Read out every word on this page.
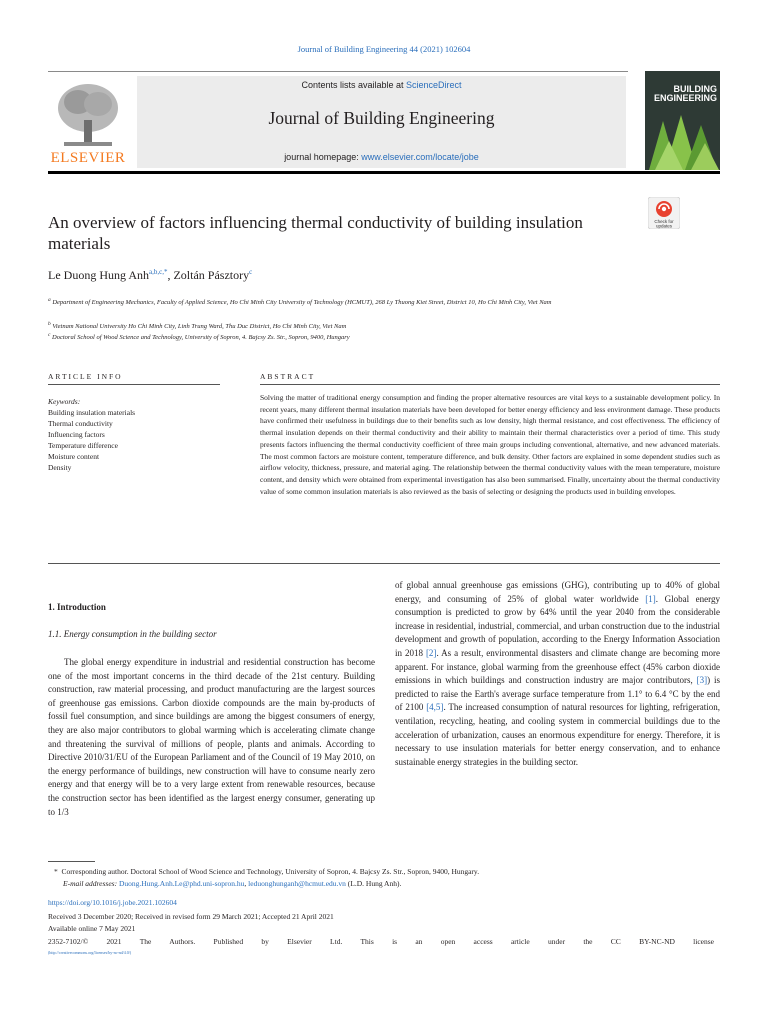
Journal of Building Engineering 44 (2021) 102604
ELSEVIER
Contents lists available at ScienceDirect
Journal of Building Engineering
journal homepage: www.elsevier.com/locate/jobe
BUILDING
ENGINEERING
An overview of factors influencing thermal conductivity of building insulation materials
Check for
updates
Le Duong Hung Anh$^{a,b,c,*}$, Zoltán Pásztory$^c$
$^a$ Department of Engineering Mechanics, Faculty of Applied Science, Ho Chi Minh City University of Technology (HCMUT), 268 Ly Thuong Kiet Street, District 10, Ho Chi Minh City, Viet Nam
$^b$ Vietnam National University Ho Chi Minh City, Linh Trung Ward, Thu Duc District, Ho Chi Minh City, Viet Nam
$^c$ Doctoral School of Wood Science and Technology, University of Sopron, 4. Bajcsy Zs. Str., Sopron, 9400, Hungary
ARTICLE INFO	ABSTRACT
Keywords:
Building insulation materials
Thermal conductivity
Influencing factors
Temperature difference
Moisture content
Density
Solving the matter of traditional energy consumption and finding the proper alternative resources are vital keys to a sustainable development policy. In recent years, many different thermal insulation materials have been developed for better energy efficiency and less environment damage. These products have confirmed their usefulness in buildings due to their benefits such as low density, high thermal resistance, and cost effectiveness. The efficiency of thermal insulation depends on their thermal conductivity and their ability to maintain their thermal characteristics over a period of time. This study presents factors influencing the thermal conductivity coefficient of three main groups including conventional, alternative, and new advanced materials. The most common factors are moisture content, temperature difference, and bulk density. Other factors are explained in some dependent studies such as airflow velocity, thickness, pressure, and material aging. The relationship between the thermal conductivity values with the mean temperature, moisture content, and density which were obtained from experimental investigation has also been summarised. Finally, uncertainty about the thermal conductivity value of some common insulation materials is also reviewed as the basis of selecting or designing the products used in building envelopes.
1. Introduction
1.1. Energy consumption in the building sector
The global energy expenditure in industrial and residential construction has become one of the most important concerns in the third decade of the 21st century. Building construction, raw material processing, and product manufacturing are the largest sources of greenhouse gas emissions. Carbon dioxide compounds are the main by-products of fossil fuel consumption, and since buildings are among the biggest consumers of energy, they are also major contributors to global warming which is accelerating climate change and threatening the survival of millions of people, plants and animals. According to Directive 2010/31/EU of the European Parliament and of the Council of 19 May 2010, on the energy performance of buildings, new construction will have to consume nearly zero energy and that energy will be to a very large extent from renewable resources, because the construction sector has been identified as the largest energy consumer, generating up to 1/3
of global annual greenhouse gas emissions (GHG), contributing up to 40% of global energy, and consuming of 25% of global water worldwide [1]. Global energy consumption is predicted to grow by 64% until the year 2040 from the considerable increase in residential, industrial, commercial, and urban construction due to the industrial development and growth of population, according to the Energy Information Association in 2018 [2]. As a result, environmental disasters and climate change are becoming more apparent. For instance, global warming from the greenhouse effect (45% carbon dioxide emissions in which buildings and construction industry are major contributors, [3]) is predicted to raise the Earth's average surface temperature from 1.1° to 6.4 °C by the end of 2100 [4,5]. The increased consumption of natural resources for lighting, refrigeration, ventilation, recycling, heating, and cooling system in commercial buildings due to the acceleration of urbanization, causes an enormous expenditure for energy. Therefore, it is necessary to use insulation materials for better energy conservation, and to enhance sustainable energy strategies in the building sector.
* Corresponding author. Doctoral School of Wood Science and Technology, University of Sopron, 4. Bajcsy Zs. Str., Sopron, 9400, Hungary.
E-mail addresses: Duong.Hung.Anh.Le@phd.uni-sopron.hu, leduonghunganh@hcmut.edu.vn (L.D. Hung Anh).
https://doi.org/10.1016/j.jobe.2021.102604
Received 3 December 2020; Received in revised form 29 March 2021; Accepted 21 April 2021
Available online 7 May 2021
2352-7102/© 2021 The Authors. Published by Elsevier Ltd. This is an open access article under the CC BY-NC-ND license
(http://creativecommons.org/licenses/by-nc-nd/4.0/)
